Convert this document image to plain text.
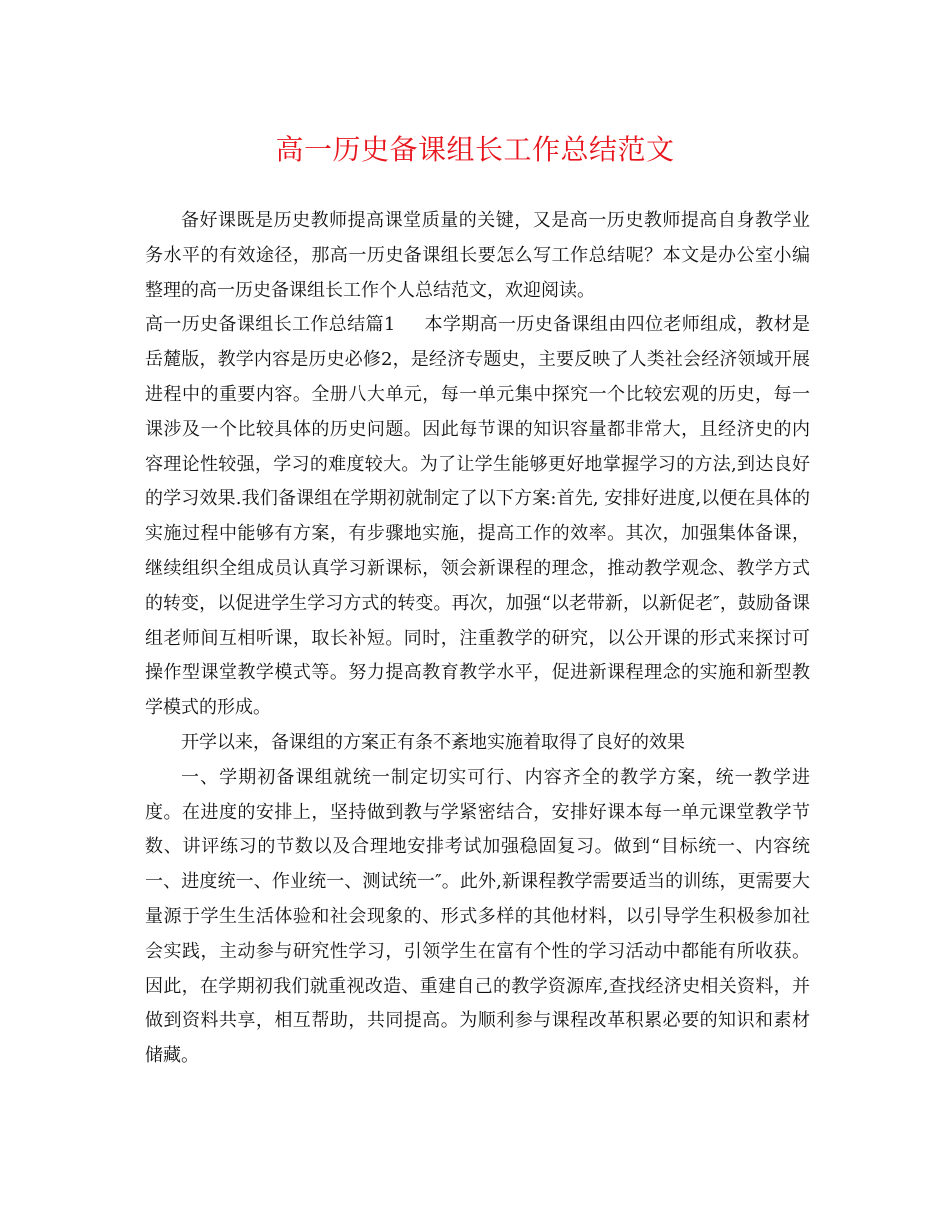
高一历史备课组长工作总结范文

备好课既是历史教师提高课堂质量的关键，又是高一历史教师提高自身教学业务水平的有效途径，那高一历史备课组长要怎么写工作总结呢？本文是办公室小编整理的高一历史备课组长工作个人总结范文，欢迎阅读。

高一历史备课组长工作总结篇1 本学期高一历史备课组由四位老师组成，教材是岳麓版，教学内容是历史必修2，是经济专题史，主要反映了人类社会经济领域开展进程中的重要内容。全册八大单元，每一单元集中探究一个比较宏观的历史，每一课涉及一个比较具体的历史问题。因此每节课的知识容量都非常大，且经济史的内容理论性较强，学习的难度较大。为了让学生能够更好地掌握学习的方法,到达良好的学习效果.我们备课组在学期初就制定了以下方案:首先, 安排好进度,以便在具体的实施过程中能够有方案，有步骤地实施，提高工作的效率。其次，加强集体备课，继续组织全组成员认真学习新课标，领会新课程的理念，推动教学观念、教学方式的转变，以促进学生学习方式的转变。再次，加强“以老带新，以新促老″，鼓励备课组老师间互相听课，取长补短。同时，注重教学的研究，以公开课的形式来探讨可操作型课堂教学模式等。努力提高教育教学水平，促进新课程理念的实施和新型教学模式的形成。

开学以来，备课组的方案正有条不紊地实施着取得了良好的效果

一、学期初备课组就统一制定切实可行、内容齐全的教学方案，统一教学进度。在进度的安排上，坚持做到教与学紧密结合，安排好课本每一单元课堂教学节数、讲评练习的节数以及合理地安排考试加强稳固复习。做到“目标统一、内容统一、进度统一、作业统一、测试统一″。此外,新课程教学需要适当的训练，更需要大量源于学生生活体验和社会现象的、形式多样的其他材料，以引导学生积极参加社会实践，主动参与研究性学习，引领学生在富有个性的学习活动中都能有所收获。因此，在学期初我们就重视改造、重建自己的教学资源库,查找经济史相关资料，并做到资料共享，相互帮助，共同提高。为顺利参与课程改革积累必要的知识和素材储藏。
